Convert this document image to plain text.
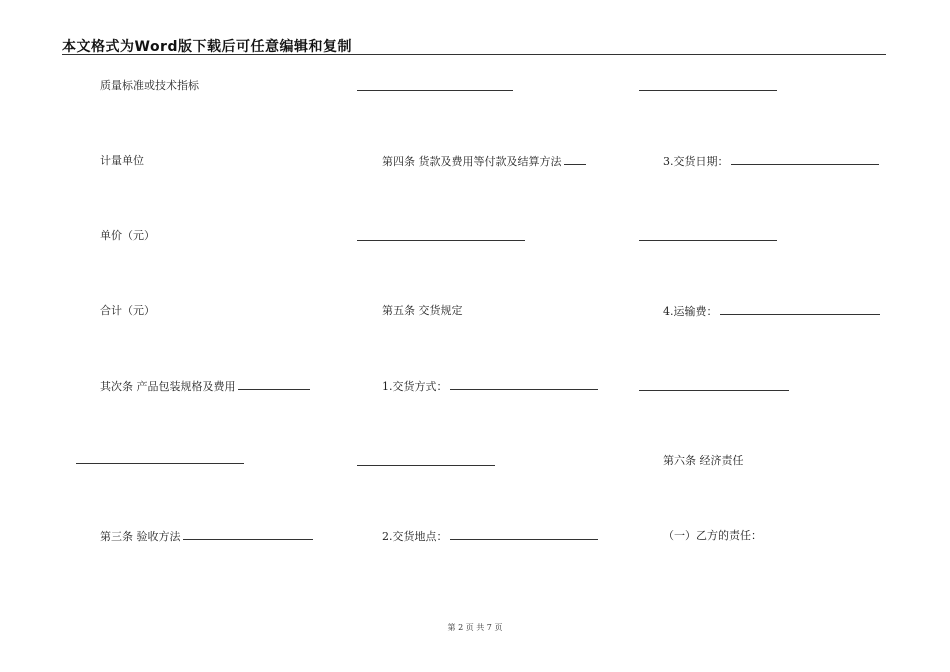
本文格式为Word版下载后可任意编辑和复制
质量标准或技术指标
计量单位
单价（元）
合计（元）
其次条 产品包装规格及费用
第三条 验收方法
第四条 货款及费用等付款及结算方法
第五条 交货规定
1.交货方式：
2.交货地点：
3.交货日期：
4.运输费：
第六条 经济责任
（一）乙方的责任：
第 2 页 共 7 页
